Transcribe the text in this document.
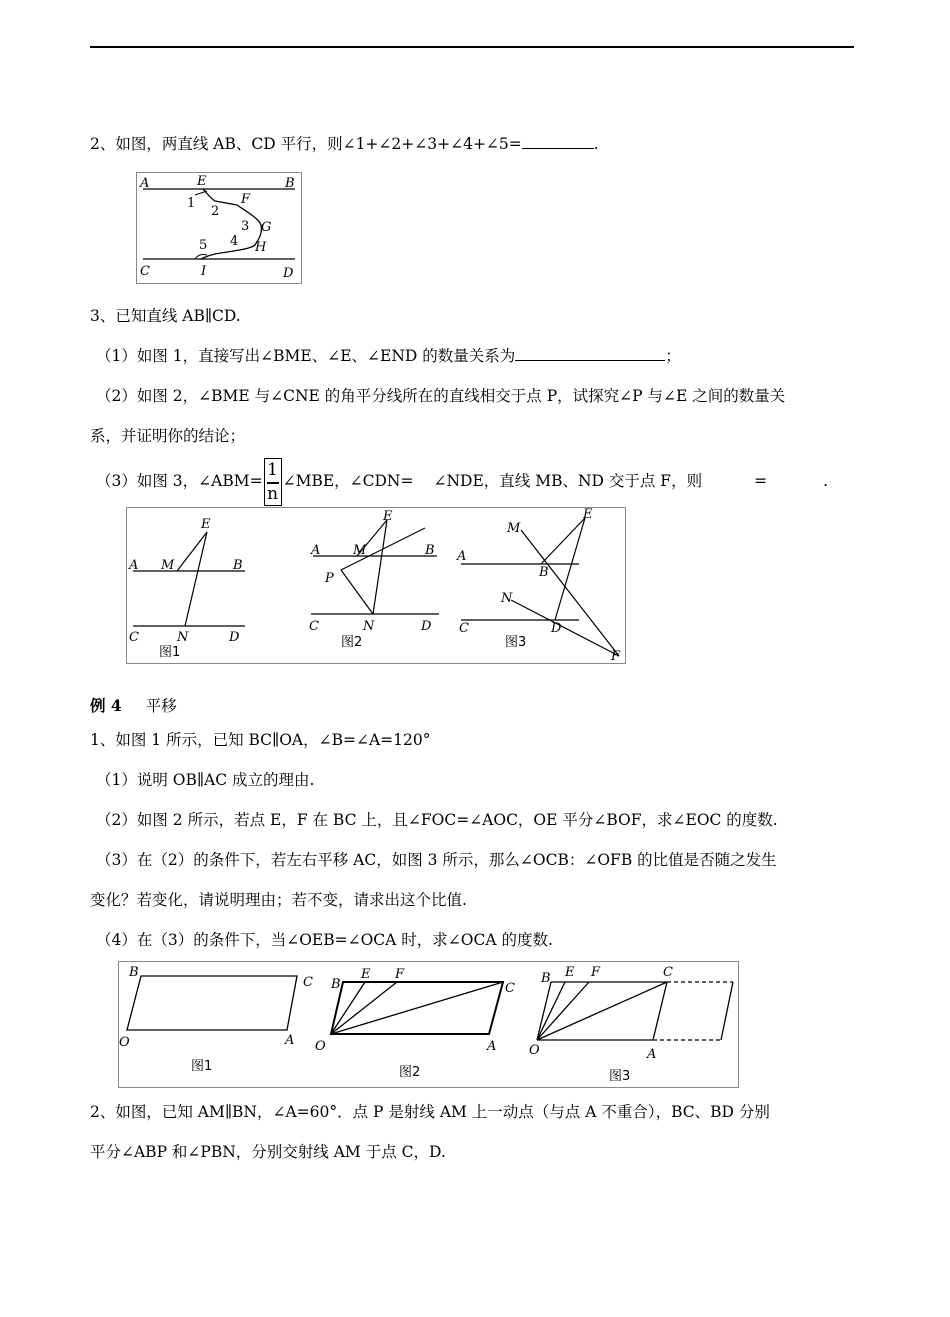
2、如图，两直线 AB、CD 平行，则∠1+∠2+∠3+∠4+∠5=	.
A	E	B
1
2
F
3 G
4 H
5
C	I	D
3、已知直线 AB∥CD.
（1）如图 1，直接写出∠BME、∠E、∠END 的数量关系为	；
（2）如图 2，∠BME 与∠CNE 的角平分线所在的直线相交于点 P，试探究∠P 与∠E 之间的数量关
系，并证明你的结论；
（3）如图 3，∠ABM= $\frac{1}{n}$ ∠MBE，∠CDN= ∠NDE，直线 MB、ND 交于点 F，则	=	.
A M
E
B
C	N	D
图1
A	M
E
B
P
C	N	D
图2
M
E
A
B
N
C	D
F
图3
例 4 平移
1、如图 1 所示，已知 BC∥OA，∠B=∠A=120°
（1）说明 OB∥AC 成立的理由.
（2）如图 2 所示，若点 E，F 在 BC 上，且∠FOC=∠AOC，OE 平分∠BOF，求∠EOC 的度数.
（3）在（2）的条件下，若左右平移 AC，如图 3 所示，那么∠OCB：∠OFB 的比值是否随之发生
变化？若变化，请说明理由；若不变，请求出这个比值.
（4）在（3）的条件下，当∠OEB=∠OCA 时，求∠OCA 的度数.
B
C
O	A
图1
B
E F
C
O	A
图2
B E F	C
O	A
图3
2、如图，已知 AM∥BN，∠A=60°．点 P 是射线 AM 上一动点（与点 A 不重合），BC、BD 分别
平分∠ABP 和∠PBN，分别交射线 AM 于点 C，D.
